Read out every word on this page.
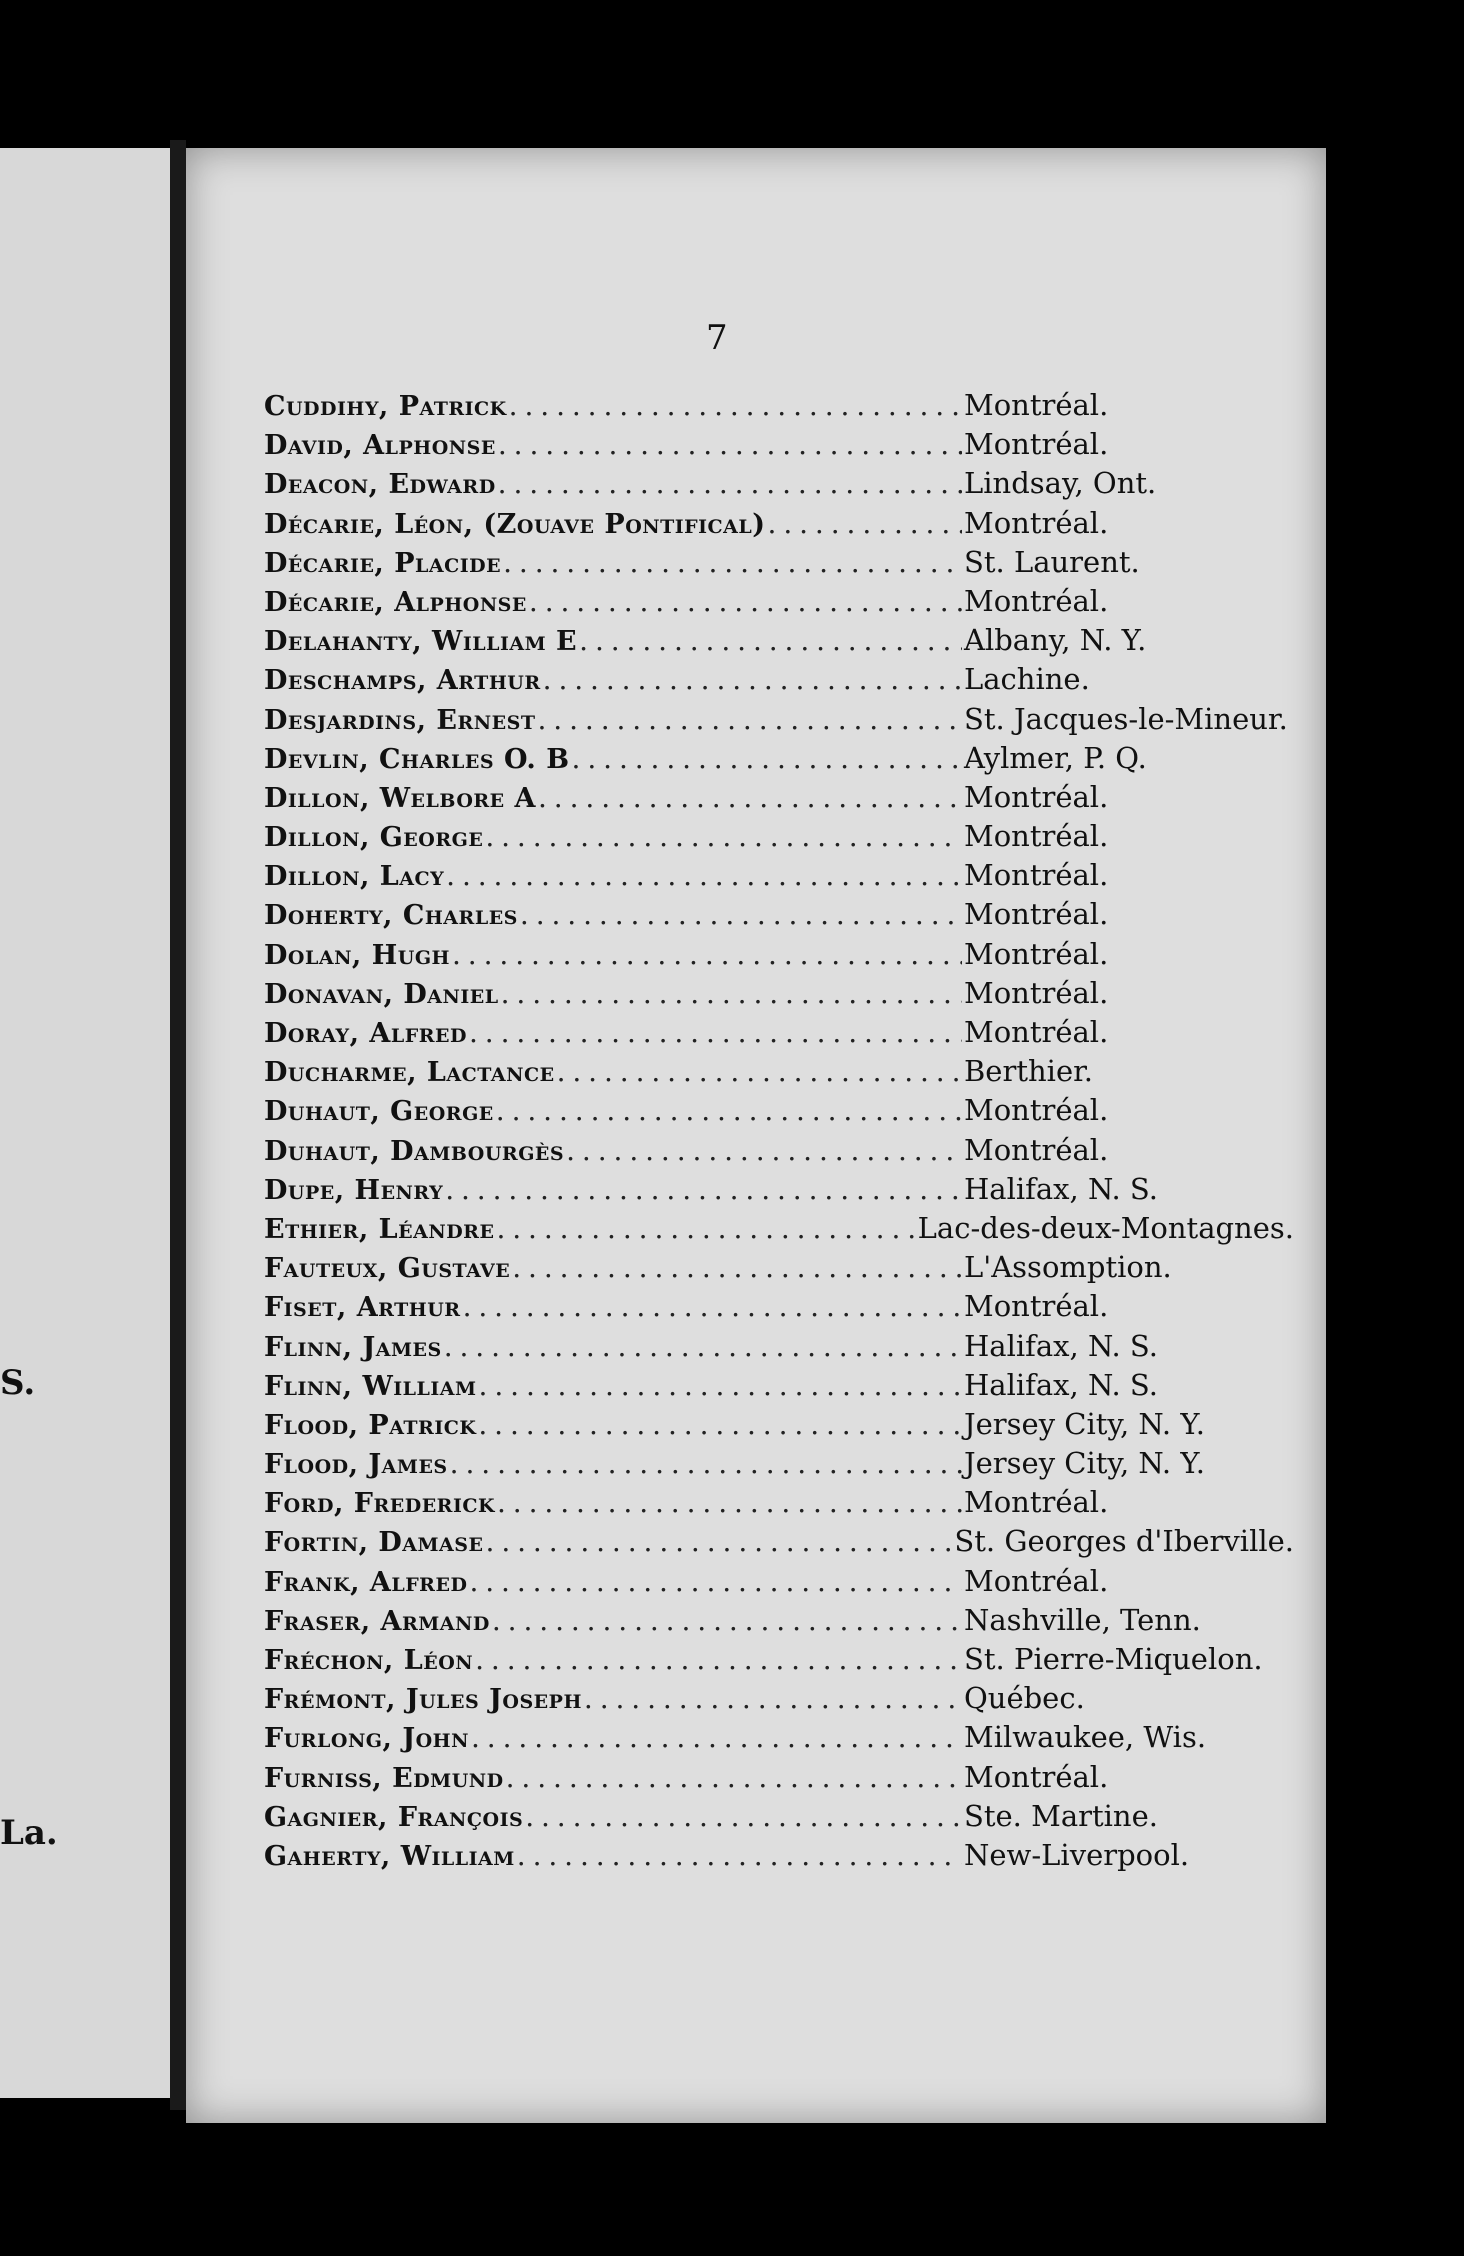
S.
La.
7
Cuddihy, Patrick . . .	Montréal.
David, Alphonse . . .	Montréal.
Deacon, Edward . . .	Lindsay, Ont.
Décarie, Léon, (Zouave Pontifical) . . .	Montréal.
Décarie, Placide . . .	St. Laurent.
Décarie, Alphonse . . .	Montréal.
Delahanty, William E . . .	Albany, N. Y.
Deschamps, Arthur . . .	Lachine.
Desjardins, Ernest . . .	St. Jacques-le-Mineur.
Devlin, Charles O. B . . .	Aylmer, P. Q.
Dillon, Welbore A . . .	Montréal.
Dillon, George . . .	Montréal.
Dillon, Lacy . . .	Montréal.
Doherty, Charles . . .	Montréal.
Dolan, Hugh . . .	Montréal.
Donavan, Daniel . . .	Montréal.
Doray, Alfred . . .	Montréal.
Ducharme, Lactance . . .	Berthier.
Duhaut, George . . .	Montréal.
Duhaut, Dambourgès . . .	Montréal.
Dupe, Henry . . .	Halifax, N. S.
Ethier, Léandre . . .	Lac-des-deux-Montagnes.
Fauteux, Gustave . . .	L'Assomption.
Fiset, Arthur . . .	Montréal.
Flinn, James . . .	Halifax, N. S.
Flinn, William . . .	Halifax, N. S.
Flood, Patrick . . .	Jersey City, N. Y.
Flood, James . . .	Jersey City, N. Y.
Ford, Frederick . . .	Montréal.
Fortin, Damase . . .	St. Georges d'Iberville.
Frank, Alfred . . .	Montréal.
Fraser, Armand . . .	Nashville, Tenn.
Fréchon, Léon . . .	St. Pierre-Miquelon.
Frémont, Jules Joseph . . .	Québec.
Furlong, John . . .	Milwaukee, Wis.
Furniss, Edmund . . .	Montréal.
Gagnier, François . . .	Ste. Martine.
Gaherty, William . . .	New-Liverpool.
